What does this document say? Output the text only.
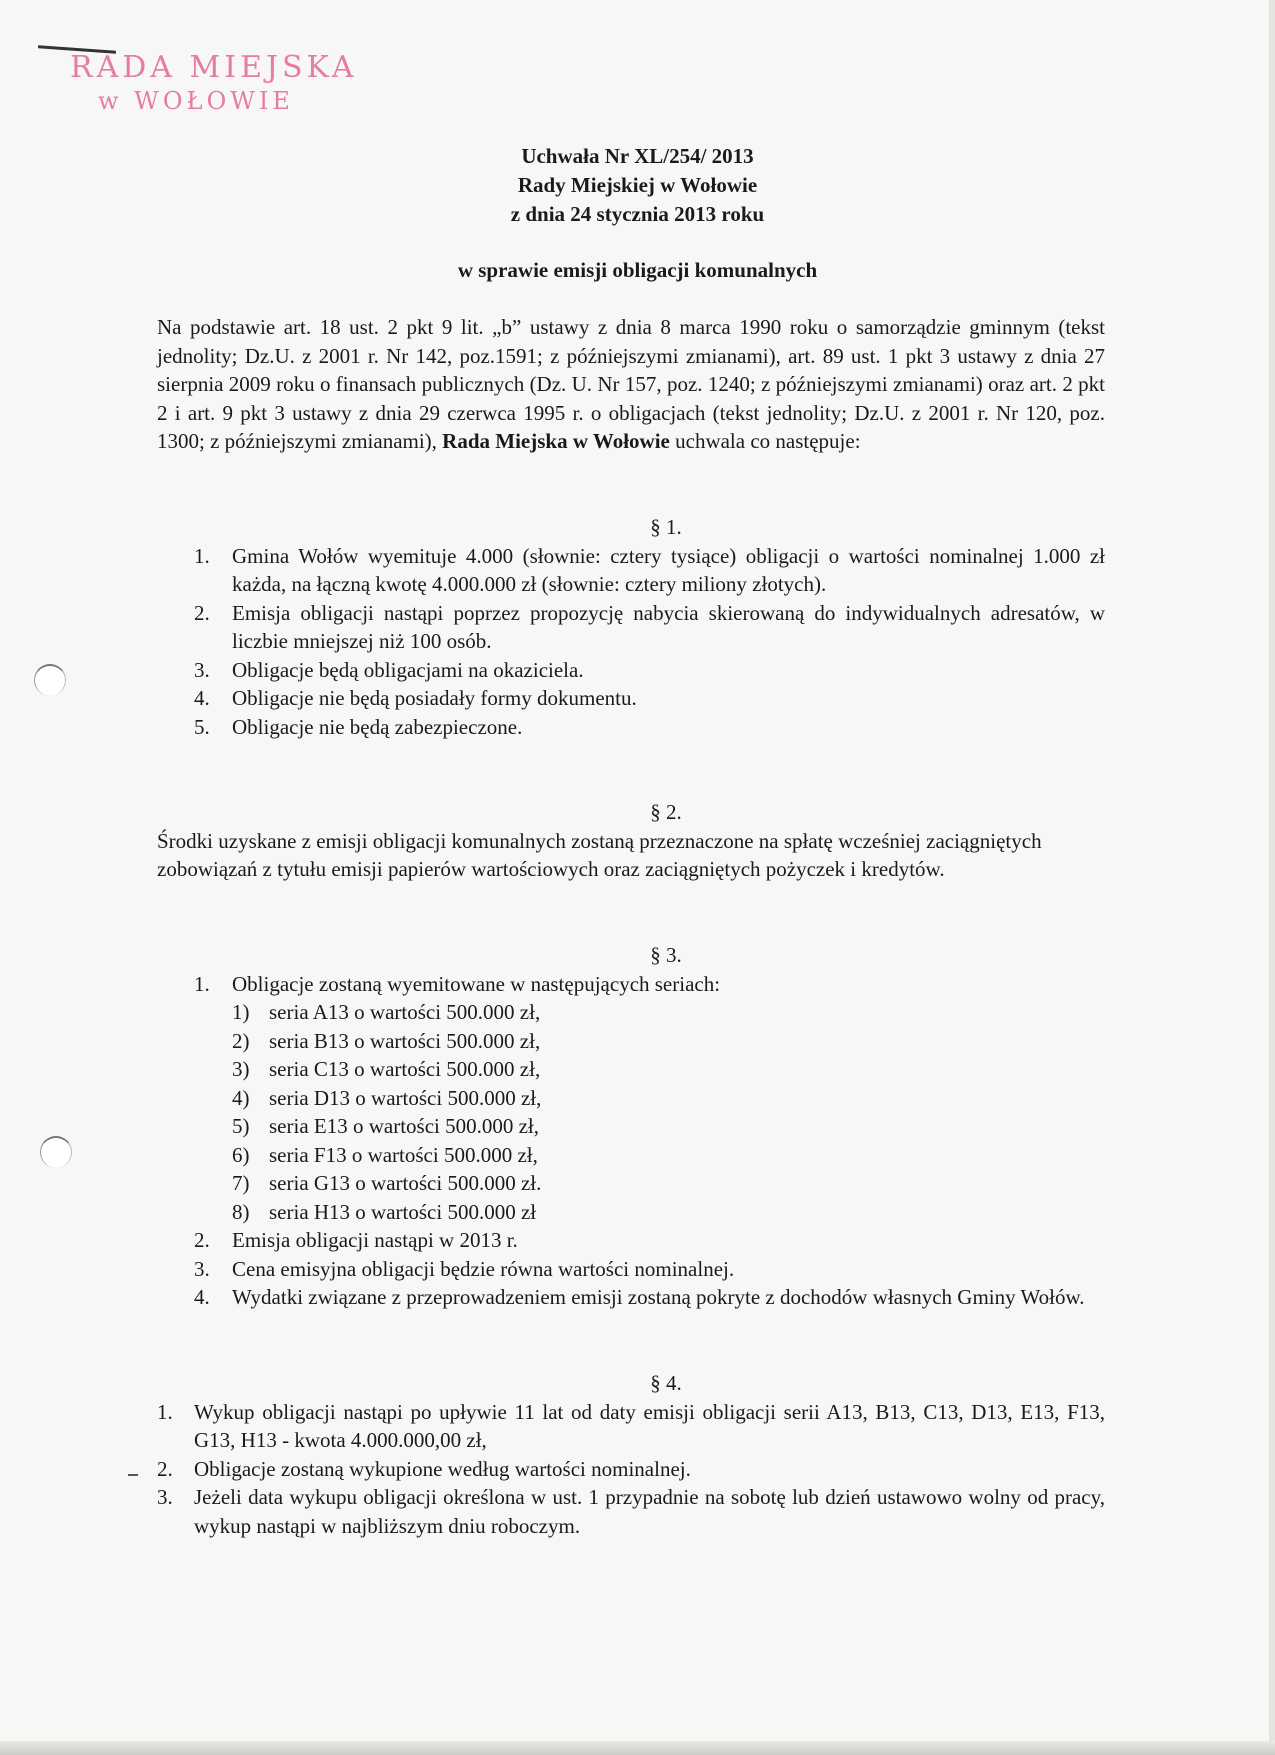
RADA MIEJSKA
w WOŁOWIE
Uchwała Nr XL/254/ 2013
Rady Miejskiej w Wołowie
z dnia 24 stycznia 2013 roku
w sprawie emisji obligacji komunalnych
Na podstawie art. 18 ust. 2 pkt 9 lit. „b” ustawy z dnia 8 marca 1990 roku o samorządzie gminnym (tekst jednolity; Dz.U. z 2001 r. Nr 142, poz.1591; z późniejszymi zmianami), art. 89 ust. 1 pkt 3 ustawy z dnia 27 sierpnia 2009 roku o finansach publicznych (Dz. U. Nr 157, poz. 1240; z późniejszymi zmianami) oraz art. 2 pkt 2 i art. 9 pkt 3 ustawy z dnia 29 czerwca 1995 r. o obligacjach (tekst jednolity; Dz.U. z 2001 r. Nr 120, poz. 1300; z późniejszymi zmianami), Rada Miejska w Wołowie uchwala co następuje:
§ 1.
1. Gmina Wołów wyemituje 4.000 (słownie: cztery tysiące) obligacji o wartości nominalnej 1.000 zł każda, na łączną kwotę 4.000.000 zł (słownie: cztery miliony złotych).
2. Emisja obligacji nastąpi poprzez propozycję nabycia skierowaną do indywidualnych adresatów, w liczbie mniejszej niż 100 osób.
3. Obligacje będą obligacjami na okaziciela.
4. Obligacje nie będą posiadały formy dokumentu.
5. Obligacje nie będą zabezpieczone.
§ 2.
Środki uzyskane z emisji obligacji komunalnych zostaną przeznaczone na spłatę wcześniej zaciągniętych zobowiązań z tytułu emisji papierów wartościowych oraz zaciągniętych pożyczek i kredytów.
§ 3.
1. Obligacje zostaną wyemitowane w następujących seriach:
1) seria A13 o wartości 500.000 zł,
2) seria B13 o wartości 500.000 zł,
3) seria C13 o wartości 500.000 zł,
4) seria D13 o wartości 500.000 zł,
5) seria E13 o wartości 500.000 zł,
6) seria F13 o wartości 500.000 zł,
7) seria G13 o wartości 500.000 zł.
8) seria H13 o wartości 500.000 zł
2. Emisja obligacji nastąpi w 2013 r.
3. Cena emisyjna obligacji będzie równa wartości nominalnej.
4. Wydatki związane z przeprowadzeniem emisji zostaną pokryte z dochodów własnych Gminy Wołów.
§ 4.
1. Wykup obligacji nastąpi po upływie 11 lat od daty emisji obligacji serii A13, B13, C13, D13, E13, F13, G13, H13 - kwota 4.000.000,00 zł,
2. Obligacje zostaną wykupione według wartości nominalnej.
3. Jeżeli data wykupu obligacji określona w ust. 1 przypadnie na sobotę lub dzień ustawowo wolny od pracy, wykup nastąpi w najbliższym dniu roboczym.
